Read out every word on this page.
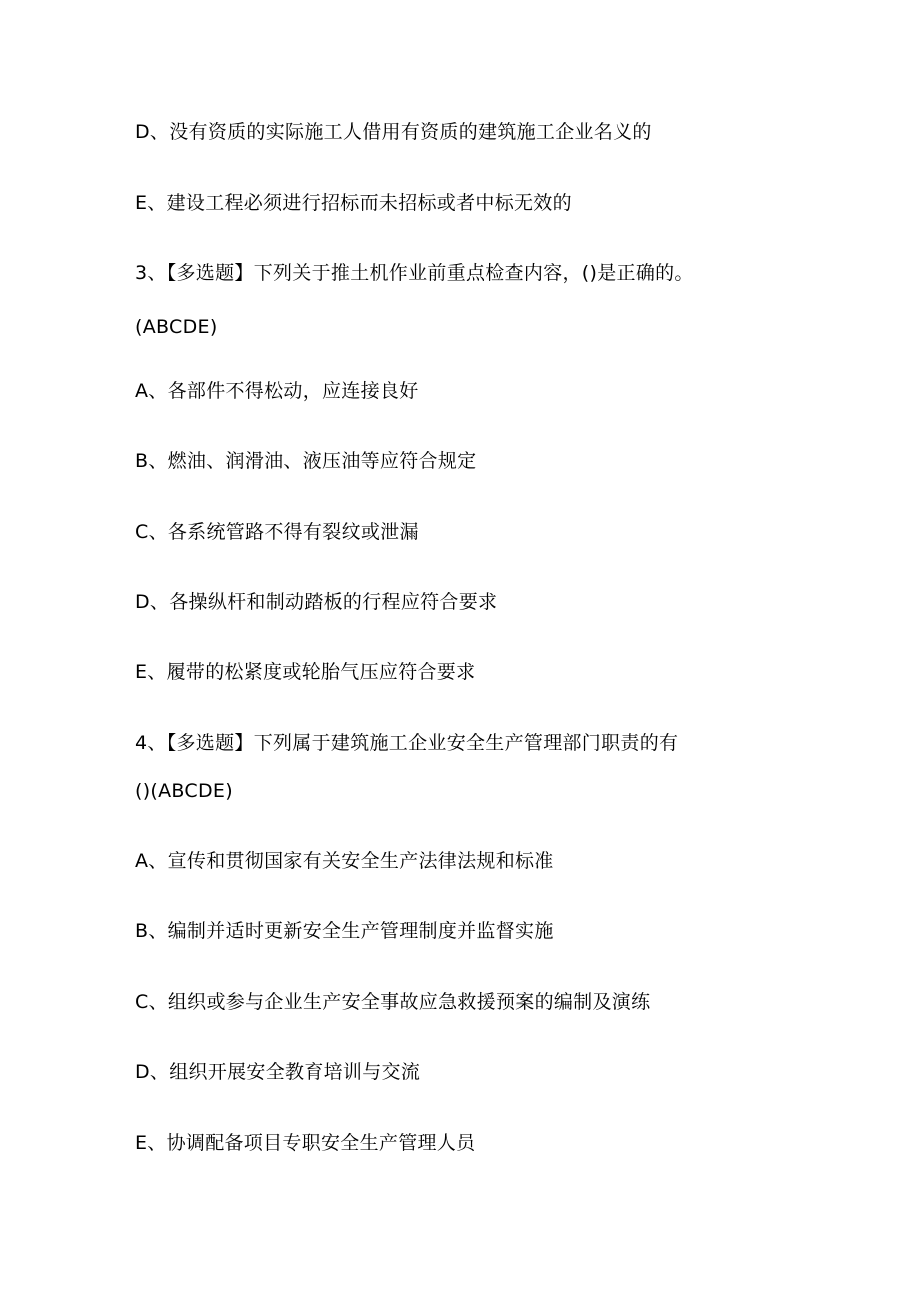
D、没有资质的实际施工人借用有资质的建筑施工企业名义的
E、建设工程必须进行招标而未招标或者中标无效的
3、【多选题】下列关于推土机作业前重点检查内容，()是正确的。
(ABCDE)
A、各部件不得松动，应连接良好
B、燃油、润滑油、液压油等应符合规定
C、各系统管路不得有裂纹或泄漏
D、各操纵杆和制动踏板的行程应符合要求
E、履带的松紧度或轮胎气压应符合要求
4、【多选题】下列属于建筑施工企业安全生产管理部门职责的有
()(ABCDE)
A、宣传和贯彻国家有关安全生产法律法规和标准
B、编制并适时更新安全生产管理制度并监督实施
C、组织或参与企业生产安全事故应急救援预案的编制及演练
D、组织开展安全教育培训与交流
E、协调配备项目专职安全生产管理人员
